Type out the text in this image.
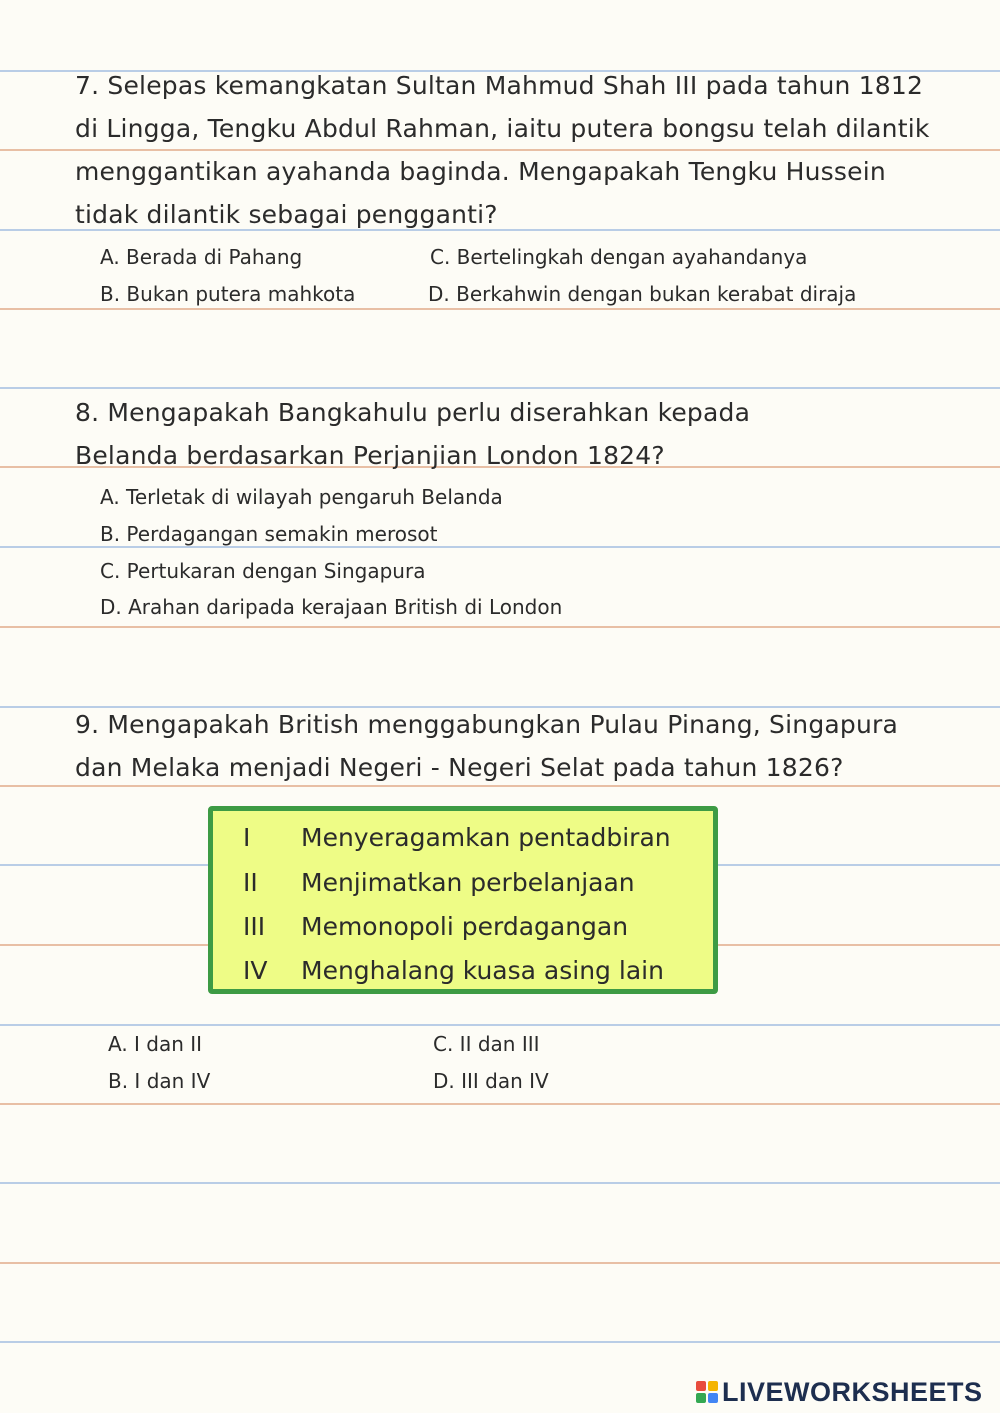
7. Selepas kemangkatan Sultan Mahmud Shah III pada tahun 1812 di Lingga, Tengku Abdul Rahman, iaitu putera bongsu telah dilantik menggantikan ayahanda baginda. Mengapakah Tengku Hussein tidak dilantik sebagai pengganti?
A. Berada di Pahang	C. Bertelingkah dengan ayahandanya
B. Bukan putera mahkota	D. Berkahwin dengan bukan kerabat diraja
8. Mengapakah Bangkahulu perlu diserahkan kepada Belanda berdasarkan Perjanjian London 1824?
A. Terletak di wilayah pengaruh Belanda
B. Perdagangan semakin merosot
C. Pertukaran dengan Singapura
D. Arahan daripada kerajaan British di London
9. Mengapakah British menggabungkan Pulau Pinang, Singapura dan Melaka menjadi Negeri - Negeri Selat pada tahun 1826?
I Menyeragamkan pentadbiran
II Menjimatkan perbelanjaan
III Memonopoli perdagangan
IV Menghalang kuasa asing lain
A. I dan II	C. II dan III
B. I dan IV	D. III dan IV
LIVEWORKSHEETS
